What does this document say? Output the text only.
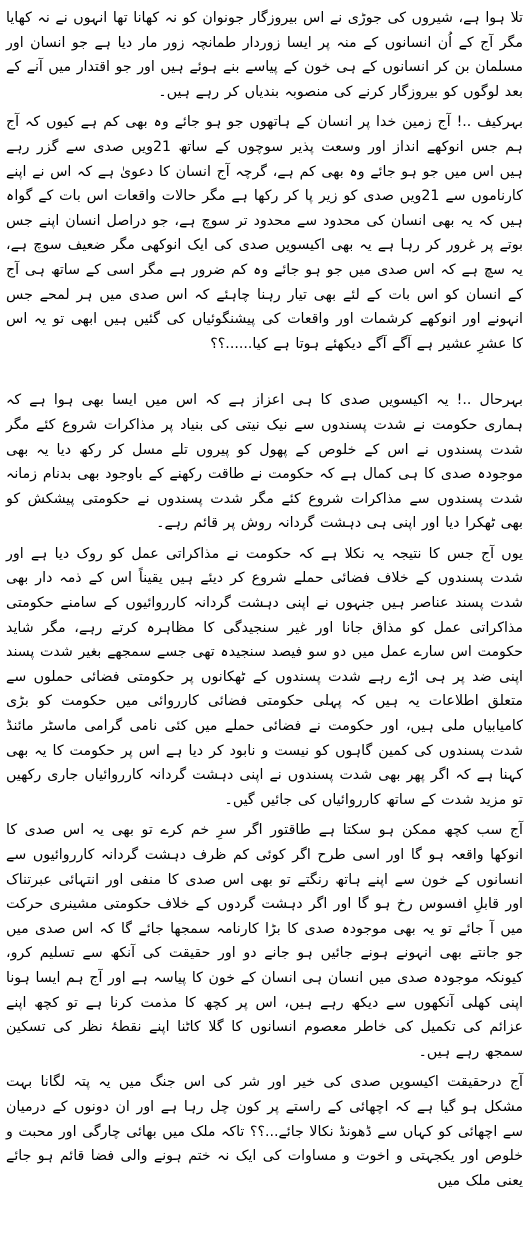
تلا ہوا ہے، شیروں کی جوڑی نے اس بیروزگار جونوان کو نہ کھانا تھا انہوں نے نہ کھایا مگر آج کے اُن انسانوں کے منہ پر ایسا زوردار طمانچہ زور مار دیا ہے جو انسان اور مسلمان بن کر انسانوں کے ہی خون کے پیاسے بنے ہوئے ہیں اور جو اقتدار میں آنے کے بعد لوگوں کو بیروزگار کرنے کی منصوبہ بندیاں کر رہے ہیں۔

بہرکیف ..! آج زمین خدا پر انسان کے ہاتھوں جو ہو جائے وہ بھی کم ہے کیوں کہ آج ہم جس انوکھے انداز اور وسعت پذیر سوچوں کے ساتھ 21ویں صدی سے گزر رہے ہیں اس میں جو ہو جائے وہ بھی کم ہے، گرچہ آج انسان کا دعویٰ ہے کہ اس نے اپنے کارناموں سے 21ویں صدی کو زیر پا کر رکھا ہے مگر حالات واقعات اس بات کے گواہ ہیں کہ یہ بھی انسان کی محدود سے محدود تر سوچ ہے، جو دراصل انسان اپنے جس بوتے پر غرور کر رہا ہے یہ بھی اکیسویں صدی کی ایک انوکھی مگر ضعیف سوچ ہے، یہ سچ ہے کہ اس صدی میں جو ہو جائے وہ کم ضرور ہے مگر اسی کے ساتھ ہی آج کے انسان کو اس بات کے لئے بھی تیار رہنا چاہئے کہ اس صدی میں ہر لمحے جس انہونے اور انوکھے کرشمات اور واقعات کی پیشنگوئیاں کی گئیں ہیں ابھی تو یہ اس کا عشرِ عشیر ہے آگے آگے دیکھئے ہوتا ہے کیا......؟؟

بہرحال ..! یہ اکیسویں صدی کا ہی اعزاز ہے کہ اس میں ایسا بھی ہوا ہے کہ ہماری حکومت نے شدت پسندوں سے نیک نیتی کی بنیاد پر مذاکرات شروع کئے مگر شدت پسندوں نے اس کے خلوص کے پھول کو پیروں تلے مسل کر رکھ دیا یہ بھی موجودہ صدی کا ہی کمال ہے کہ حکومت نے طاقت رکھنے کے باوجود بھی بدنام زمانہ شدت پسندوں سے مذاکرات شروع کئے مگر شدت پسندوں نے حکومتی پیشکش کو بھی ٹھکرا دیا اور اپنی ہی دہشت گردانہ روش پر قائم رہے۔

یوں آج جس کا نتیجہ یہ نکلا ہے کہ حکومت نے مذاکراتی عمل کو روک دیا ہے اور شدت پسندوں کے خلاف فضائی حملے شروع کر دیئے ہیں یقیناً اس کے ذمہ دار بھی شدت پسند عناصر ہیں جنہوں نے اپنی دہشت گردانہ کارروائیوں کے سامنے حکومتی مذاکراتی عمل کو مذاق جانا اور غیر سنجیدگی کا مظاہرہ کرتے رہے، مگر شاید حکومت اس سارے عمل میں دو سو فیصد سنجیدہ تھی جسے سمجھے بغیر شدت پسند اپنی ضد پر ہی اڑے رہے شدت پسندوں کے ٹھکانوں پر حکومتی فضائی حملوں سے متعلق اطلاعات یہ ہیں کہ پہلی حکومتی فضائی کارروائی میں حکومت کو بڑی کامیابیاں ملی ہیں، اور حکومت نے فضائی حملے میں کئی نامی گرامی ماسٹر مائنڈ شدت پسندوں کی کمین گاہوں کو نیست و نابود کر دیا ہے اس پر حکومت کا یہ بھی کہنا ہے کہ اگر پھر بھی شدت پسندوں نے اپنی دہشت گردانہ کارروائیاں جاری رکھیں تو مزید شدت کے ساتھ کارروائیاں کی جائیں گیں۔

آج سب کچھ ممکن ہو سکتا ہے طاقتور اگر سرِ خم کرے تو بھی یہ اس صدی کا انوکھا واقعہ ہو گا اور اسی طرح اگر کوئی کم ظرف دہشت گردانہ کارروائیوں سے انسانوں کے خون سے اپنے ہاتھ رنگتے تو بھی اس صدی کا منفی اور انتہائی عبرتناک اور قابلِ افسوس رخ ہو گا اور اگر دہشت گردوں کے خلاف حکومتی مشینری حرکت میں آ جائے تو یہ بھی موجودہ صدی کا بڑا کارنامہ سمجھا جائے گا کہ اس صدی میں جو جانتے بھی انہونے ہونے جائیں ہو جانے دو اور حقیقت کی آنکھ سے تسلیم کرو، کیونکہ موجودہ صدی میں انسان ہی انسان کے خون کا پیاسہ ہے اور آج ہم ایسا ہونا اپنی کھلی آنکھوں سے دیکھ رہے ہیں، اس پر کچھ کا مذمت کرنا ہے تو کچھ اپنے عزائم کی تکمیل کی خاطر معصوم انسانوں کا گلا کاٹنا اپنے نقطۂ نظر کی تسکین سمجھ رہے ہیں۔

آج درحقیقت اکیسویں صدی کی خیر اور شر کی اس جنگ میں یہ پتہ لگانا بہت مشکل ہو گیا ہے کہ اچھائی کے راستے پر کون چل رہا ہے اور ان دونوں کے درمیان سے اچھائی کو کہاں سے ڈھونڈ نکالا جائے...؟؟ تاکہ ملک میں بھائی چارگی اور محبت و خلوص اور یکجہتی و اخوت و مساوات کی ایک نہ ختم ہونے والی فضا قائم ہو جائے یعنی ملک میں
